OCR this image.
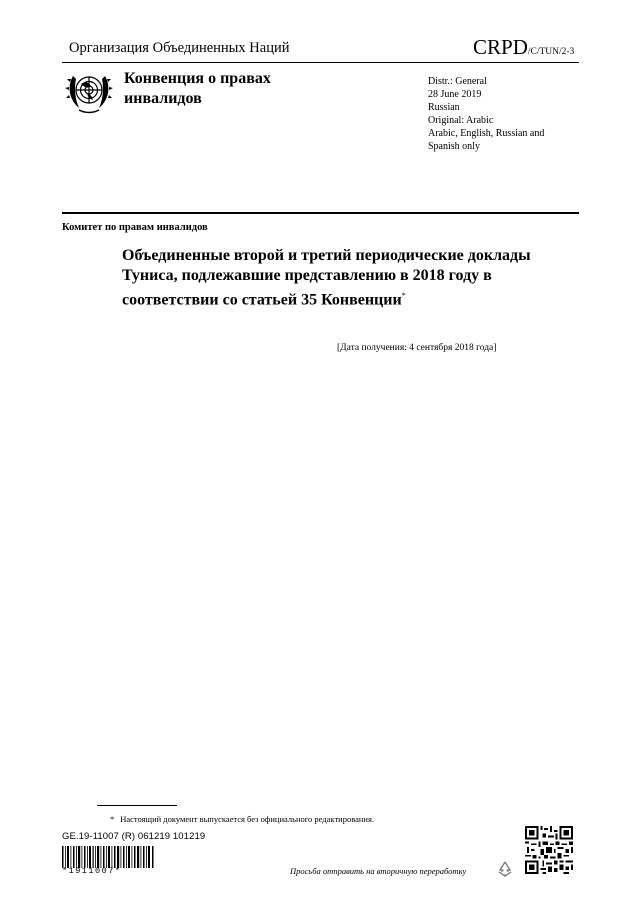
Организация Объединенных Наций	CRPD/C/TUN/2-3
Конвенция о правах инвалидов
Distr.: General
28 June 2019
Russian
Original: Arabic
Arabic, English, Russian and
Spanish only
Комитет по правам инвалидов
Объединенные второй и третий периодические доклады Туниса, подлежавшие представлению в 2018 году в соответствии со статьей 35 Конвенции*
[Дата получения: 4 сентября 2018 года]
* Настоящий документ выпускается без официального редактирования.
GE.19-11007 (R) 061219 101219
*1911007*	Просьба отправить на вторичную переработку
